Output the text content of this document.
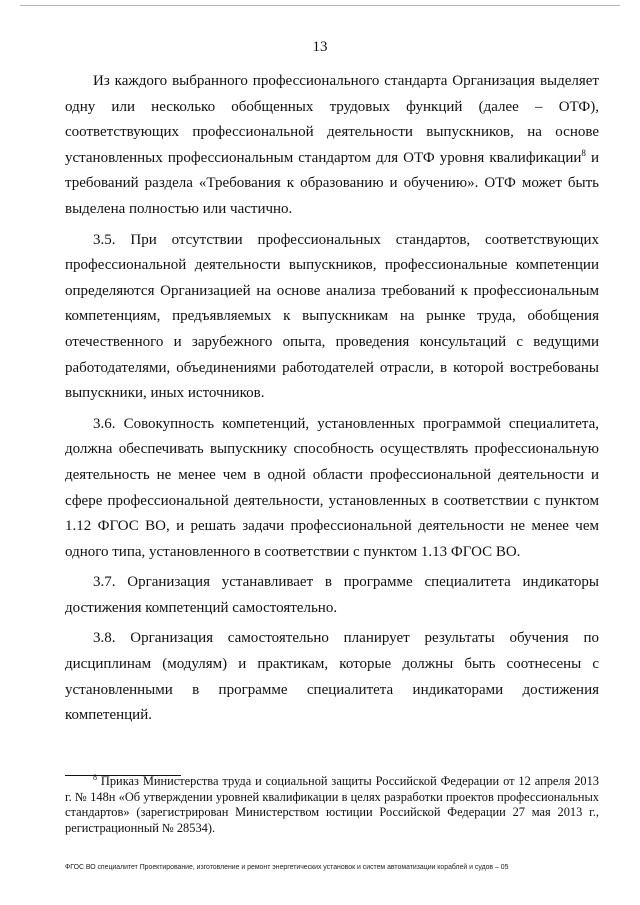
13

Из каждого выбранного профессионального стандарта Организация выделяет одну или несколько обобщенных трудовых функций (далее – ОТФ), соответствующих профессиональной деятельности выпускников, на основе установленных профессиональным стандартом для ОТФ уровня квалификации$^8$ и требований раздела «Требования к образованию и обучению». ОТФ может быть выделена полностью или частично.

3.5. При отсутствии профессиональных стандартов, соответствующих профессиональной деятельности выпускников, профессиональные компетенции определяются Организацией на основе анализа требований к профессиональным компетенциям, предъявляемых к выпускникам на рынке труда, обобщения отечественного и зарубежного опыта, проведения консультаций с ведущими работодателями, объединениями работодателей отрасли, в которой востребованы выпускники, иных источников.

3.6. Совокупность компетенций, установленных программой специалитета, должна обеспечивать выпускнику способность осуществлять профессиональную деятельность не менее чем в одной области профессиональной деятельности и сфере профессиональной деятельности, установленных в соответствии с пунктом 1.12 ФГОС ВО, и решать задачи профессиональной деятельности не менее чем одного типа, установленного в соответствии с пунктом 1.13 ФГОС ВО.

3.7. Организация устанавливает в программе специалитета индикаторы достижения компетенций самостоятельно.

3.8. Организация самостоятельно планирует результаты обучения по дисциплинам (модулям) и практикам, которые должны быть соотнесены с установленными в программе специалитета индикаторами достижения компетенций.

$^8$ Приказ Министерства труда и социальной защиты Российской Федерации от 12 апреля 2013 г. № 148н «Об утверждении уровней квалификации в целях разработки проектов профессиональных стандартов» (зарегистрирован Министерством юстиции Российской Федерации 27 мая 2013 г., регистрационный № 28534).

ФГОС ВО специалитет Проектирование, изготовление и ремонт энергетических установок и систем автоматизации кораблей и судов – 05
